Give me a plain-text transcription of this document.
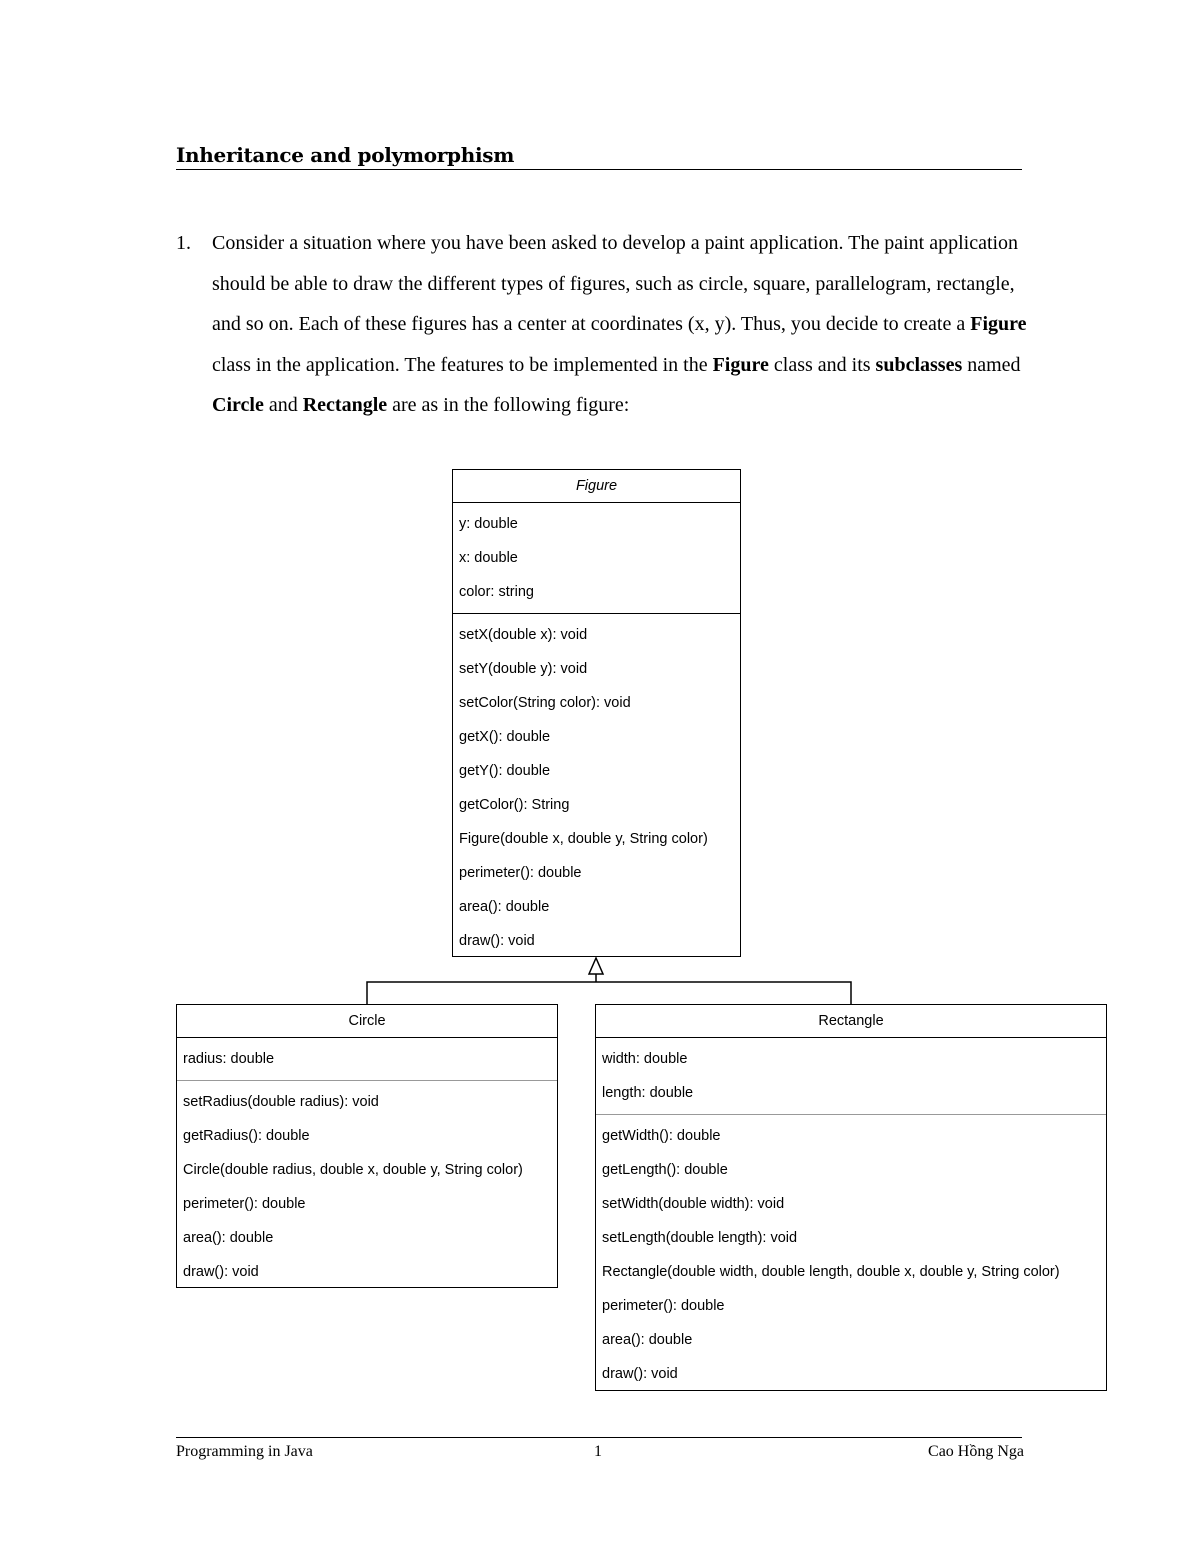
Inheritance and polymorphism
1. Consider a situation where you have been asked to develop a paint application. The paint application should be able to draw the different types of figures, such as circle, square, parallelogram, rectangle, and so on. Each of these figures has a center at coordinates (x, y). Thus, you decide to create a Figure class in the application. The features to be implemented in the Figure class and its subclasses named Circle and Rectangle are as in the following figure:
Figure
y: double
x: double
color: string
setX(double x): void
setY(double y): void
setColor(String color): void
getX(): double
getY(): double
getColor(): String
Figure(double x, double y, String color)
perimeter(): double
area(): double
draw(): void
Circle
radius: double
setRadius(double radius): void
getRadius(): double
Circle(double radius, double x, double y, String color)
perimeter(): double
area(): double
draw(): void
Rectangle
width: double
length: double
getWidth(): double
getLength(): double
setWidth(double width): void
setLength(double length): void
Rectangle(double width, double length, double x, double y, String color)
perimeter(): double
area(): double
draw(): void
Programming in Java	1	Cao Hồng Nga
